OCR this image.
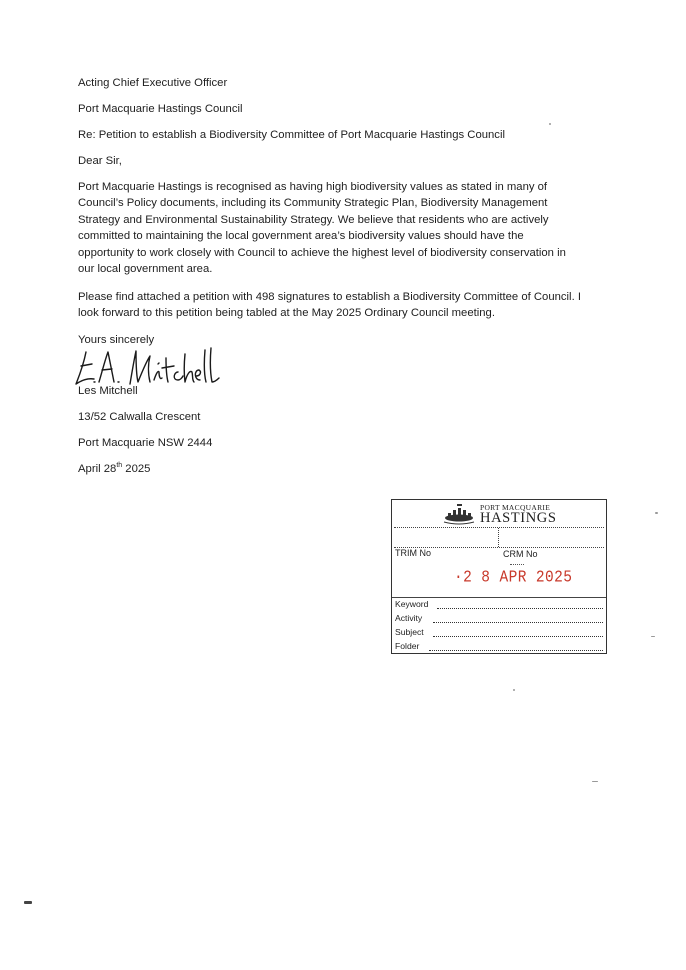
Acting Chief Executive Officer
Port Macquarie Hastings Council
Re: Petition to establish a Biodiversity Committee of Port Macquarie Hastings Council
Dear Sir,
Port Macquarie Hastings is recognised as having high biodiversity values as stated in many of
Council’s Policy documents, including its Community Strategic Plan, Biodiversity Management
Strategy and Environmental Sustainability Strategy. We believe that residents who are actively
committed to maintaining the local government area’s biodiversity values should have the
opportunity to work closely with Council to achieve the highest level of biodiversity conservation in
our local government area.
Please find attached a petition with 498 signatures to establish a Biodiversity Committee of Council. I
look forward to this petition being tabled at the May 2025 Ordinary Council meeting.
Yours sincerely
Les Mitchell
13/52 Calwalla Crescent
Port Macquarie NSW 2444
April 28th 2025
PORT MACQUARIE
HASTINGS
TRIM No	CRM No
·2 8 APR 2025
Keyword
Activity
Subject
Folder
